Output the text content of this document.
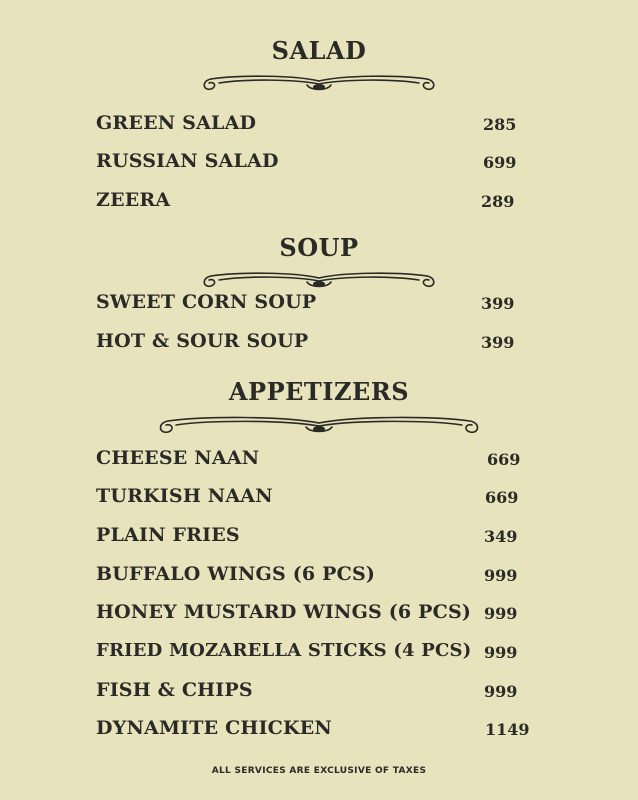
SALAD
GREEN SALAD	285
RUSSIAN SALAD	699
ZEERA	289
SOUP
SWEET CORN SOUP	399
HOT & SOUR SOUP	399
APPETIZERS
CHEESE NAAN	669
TURKISH NAAN	669
PLAIN FRIES	349
BUFFALO WINGS (6 PCS)	999
HONEY MUSTARD WINGS (6 PCS) 999
FRIED MOZARELLA STICKS (4 PCS) 999
FISH & CHIPS	999
DYNAMITE CHICKEN	1149
ALL SERVICES ARE EXCLUSIVE OF TAXES
